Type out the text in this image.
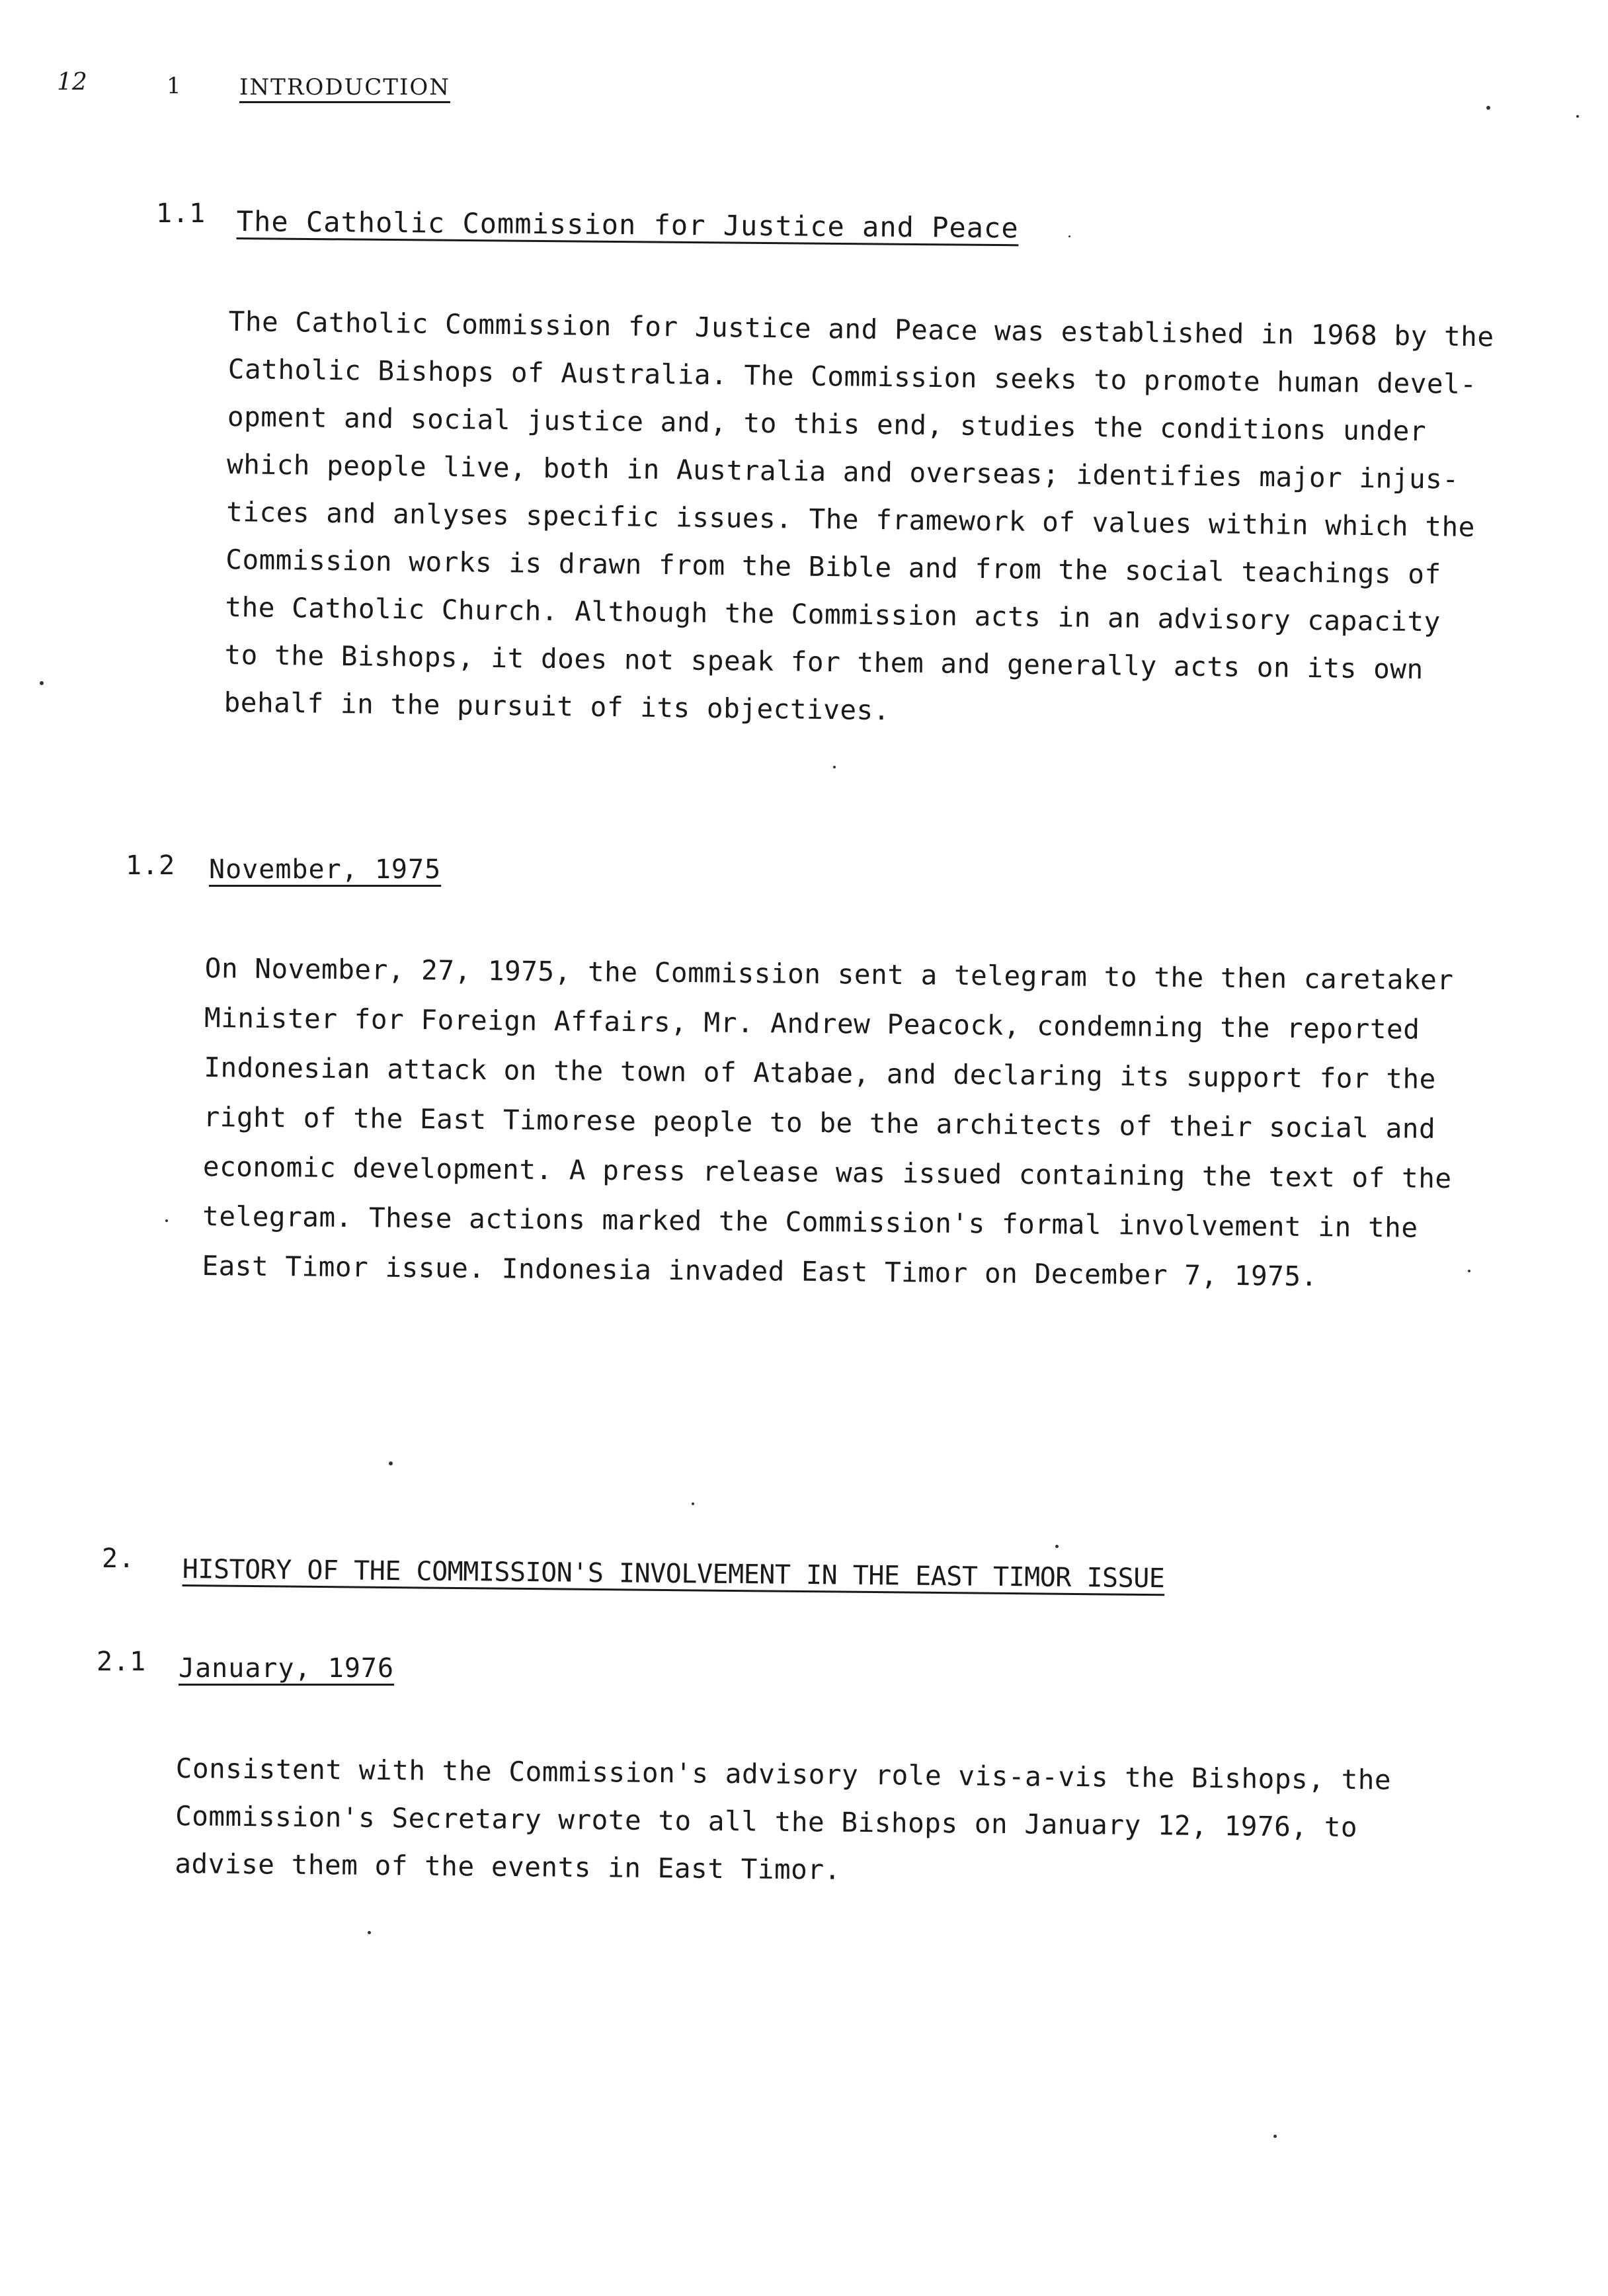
12	1	INTRODUCTION
1.1 The Catholic Commission for Justice and Peace
The Catholic Commission for Justice and Peace was established in 1968 by the
Catholic Bishops of Australia. The Commission seeks to promote human devel-
opment and social justice and, to this end, studies the conditions under
which people live, both in Australia and overseas; identifies major injus-
tices and anlyses specific issues. The framework of values within which the
Commission works is drawn from the Bible and from the social teachings of
the Catholic Church. Although the Commission acts in an advisory capacity
to the Bishops, it does not speak for them and generally acts on its own
behalf in the pursuit of its objectives.
1.2 November, 1975
On November, 27, 1975, the Commission sent a telegram to the then caretaker
Minister for Foreign Affairs, Mr. Andrew Peacock, condemning the reported
Indonesian attack on the town of Atabae, and declaring its support for the
right of the East Timorese people to be the architects of their social and
economic development. A press release was issued containing the text of the
telegram. These actions marked the Commission's formal involvement in the
East Timor issue. Indonesia invaded East Timor on December 7, 1975.
2. HISTORY OF THE COMMISSION'S INVOLVEMENT IN THE EAST TIMOR ISSUE
2.1 January, 1976
Consistent with the Commission's advisory role vis-a-vis the Bishops, the
Commission's Secretary wrote to all the Bishops on January 12, 1976, to
advise them of the events in East Timor.
